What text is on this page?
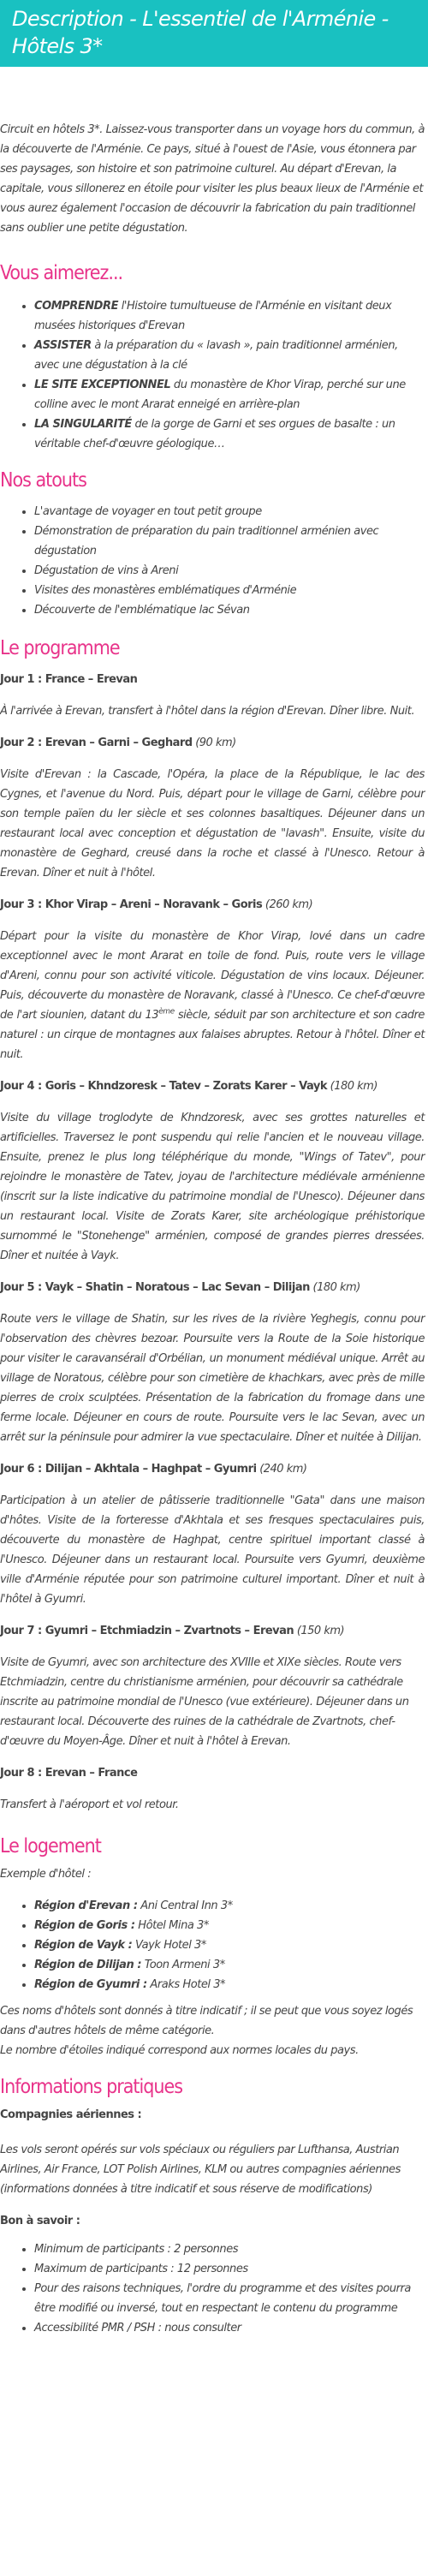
Description - L'essentiel de l'Arménie - Hôtels 3*

Circuit en hôtels 3*. Laissez-vous transporter dans un voyage hors du commun, à la découverte de l'Arménie. Ce pays, situé à l'ouest de l'Asie, vous étonnera par ses paysages, son histoire et son patrimoine culturel. Au départ d'Erevan, la capitale, vous sillonerez en étoile pour visiter les plus beaux lieux de l'Arménie et vous aurez également l'occasion de découvrir la fabrication du pain traditionnel sans oublier une petite dégustation.

Vous aimerez...
• COMPRENDRE l'Histoire tumultueuse de l'Arménie en visitant deux musées historiques d'Erevan
• ASSISTER à la préparation du « lavash », pain traditionnel arménien, avec une dégustation à la clé
• LE SITE EXCEPTIONNEL du monastère de Khor Virap, perché sur une colline avec le mont Ararat enneigé en arrière-plan
• LA SINGULARITÉ de la gorge de Garni et ses orgues de basalte : un véritable chef-d'œuvre géologique…
Nos atouts
• L'avantage de voyager en tout petit groupe
• Démonstration de préparation du pain traditionnel arménien avec dégustation
• Dégustation de vins à Areni
• Visites des monastères emblématiques d'Arménie
• Découverte de l'emblématique lac Sévan
Le programme

Jour 1 : France – Erevan

À l'arrivée à Erevan, transfert à l'hôtel dans la région d'Erevan. Dîner libre. Nuit.

Jour 2 : Erevan – Garni – Geghard (90 km)

Visite d'Erevan : la Cascade, l'Opéra, la place de la République, le lac des Cygnes, et l'avenue du Nord. Puis, départ pour le village de Garni, célèbre pour son temple païen du Ier siècle et ses colonnes basaltiques. Déjeuner dans un restaurant local avec conception et dégustation de "lavash". Ensuite, visite du monastère de Geghard, creusé dans la roche et classé à l'Unesco. Retour à Erevan. Dîner et nuit à l'hôtel.

Jour 3 : Khor Virap – Areni – Noravank – Goris (260 km)

Départ pour la visite du monastère de Khor Virap, lové dans un cadre exceptionnel avec le mont Ararat en toile de fond. Puis, route vers le village d'Areni, connu pour son activité viticole. Dégustation de vins locaux. Déjeuner. Puis, découverte du monastère de Noravank, classé à l'Unesco. Ce chef-d'œuvre de l'art siounien, datant du 13ème siècle, séduit par son architecture et son cadre naturel : un cirque de montagnes aux falaises abruptes. Retour à l'hôtel. Dîner et nuit.

Jour 4 : Goris – Khndzoresk – Tatev – Zorats Karer – Vayk (180 km)

Visite du village troglodyte de Khndzoresk, avec ses grottes naturelles et artificielles. Traversez le pont suspendu qui relie l'ancien et le nouveau village. Ensuite, prenez le plus long téléphérique du monde, "Wings of Tatev", pour rejoindre le monastère de Tatev, joyau de l'architecture médiévale arménienne (inscrit sur la liste indicative du patrimoine mondial de l'Unesco). Déjeuner dans un restaurant local. Visite de Zorats Karer, site archéologique préhistorique surnommé le "Stonehenge" arménien, composé de grandes pierres dressées. Dîner et nuitée à Vayk.

Jour 5 : Vayk – Shatin – Noratous – Lac Sevan – Dilijan (180 km)

Route vers le village de Shatin, sur les rives de la rivière Yeghegis, connu pour l'observation des chèvres bezoar. Poursuite vers la Route de la Soie historique pour visiter le caravansérail d'Orbélian, un monument médiéval unique. Arrêt au village de Noratous, célèbre pour son cimetière de khachkars, avec près de mille pierres de croix sculptées. Présentation de la fabrication du fromage dans une ferme locale. Déjeuner en cours de route. Poursuite vers le lac Sevan, avec un arrêt sur la péninsule pour admirer la vue spectaculaire. Dîner et nuitée à Dilijan.

Jour 6 : Dilijan – Akhtala – Haghpat – Gyumri (240 km)

Participation à un atelier de pâtisserie traditionnelle "Gata" dans une maison d'hôtes. Visite de la forteresse d'Akhtala et ses fresques spectaculaires puis, découverte du monastère de Haghpat, centre spirituel important classé à l'Unesco. Déjeuner dans un restaurant local. Poursuite vers Gyumri, deuxième ville d'Arménie réputée pour son patrimoine culturel important. Dîner et nuit à l'hôtel à Gyumri.

Jour 7 : Gyumri – Etchmiadzin – Zvartnots – Erevan (150 km)

Visite de Gyumri, avec son architecture des XVIIIe et XIXe siècles. Route vers Etchmiadzin, centre du christianisme arménien, pour découvrir sa cathédrale inscrite au patrimoine mondial de l'Unesco (vue extérieure). Déjeuner dans un restaurant local. Découverte des ruines de la cathédrale de Zvartnots, chef-d'œuvre du Moyen-Âge. Dîner et nuit à l'hôtel à Erevan.

Jour 8 : Erevan – France

Transfert à l'aéroport et vol retour.

Le logement

Exemple d'hôtel :

• Région d'Erevan : Ani Central Inn 3*
• Région de Goris : Hôtel Mina 3*
• Région de Vayk : Vayk Hotel 3*
• Région de Dilijan : Toon Armeni 3*
• Région de Gyumri : Araks Hotel 3*

Ces noms d'hôtels sont donnés à titre indicatif ; il se peut que vous soyez logés dans d'autres hôtels de même catégorie.

Le nombre d'étoiles indiqué correspond aux normes locales du pays.

Informations pratiques

Compagnies aériennes :

Les vols seront opérés sur vols spéciaux ou réguliers par Lufthansa, Austrian Airlines, Air France, LOT Polish Airlines, KLM ou autres compagnies aériennes (informations données à titre indicatif et sous réserve de modifications)

Bon à savoir :

• Minimum de participants : 2 personnes
• Maximum de participants : 12 personnes
• Pour des raisons techniques, l'ordre du programme et des visites pourra être modifié ou inversé, tout en respectant le contenu du programme
• Accessibilité PMR / PSH : nous consulter
